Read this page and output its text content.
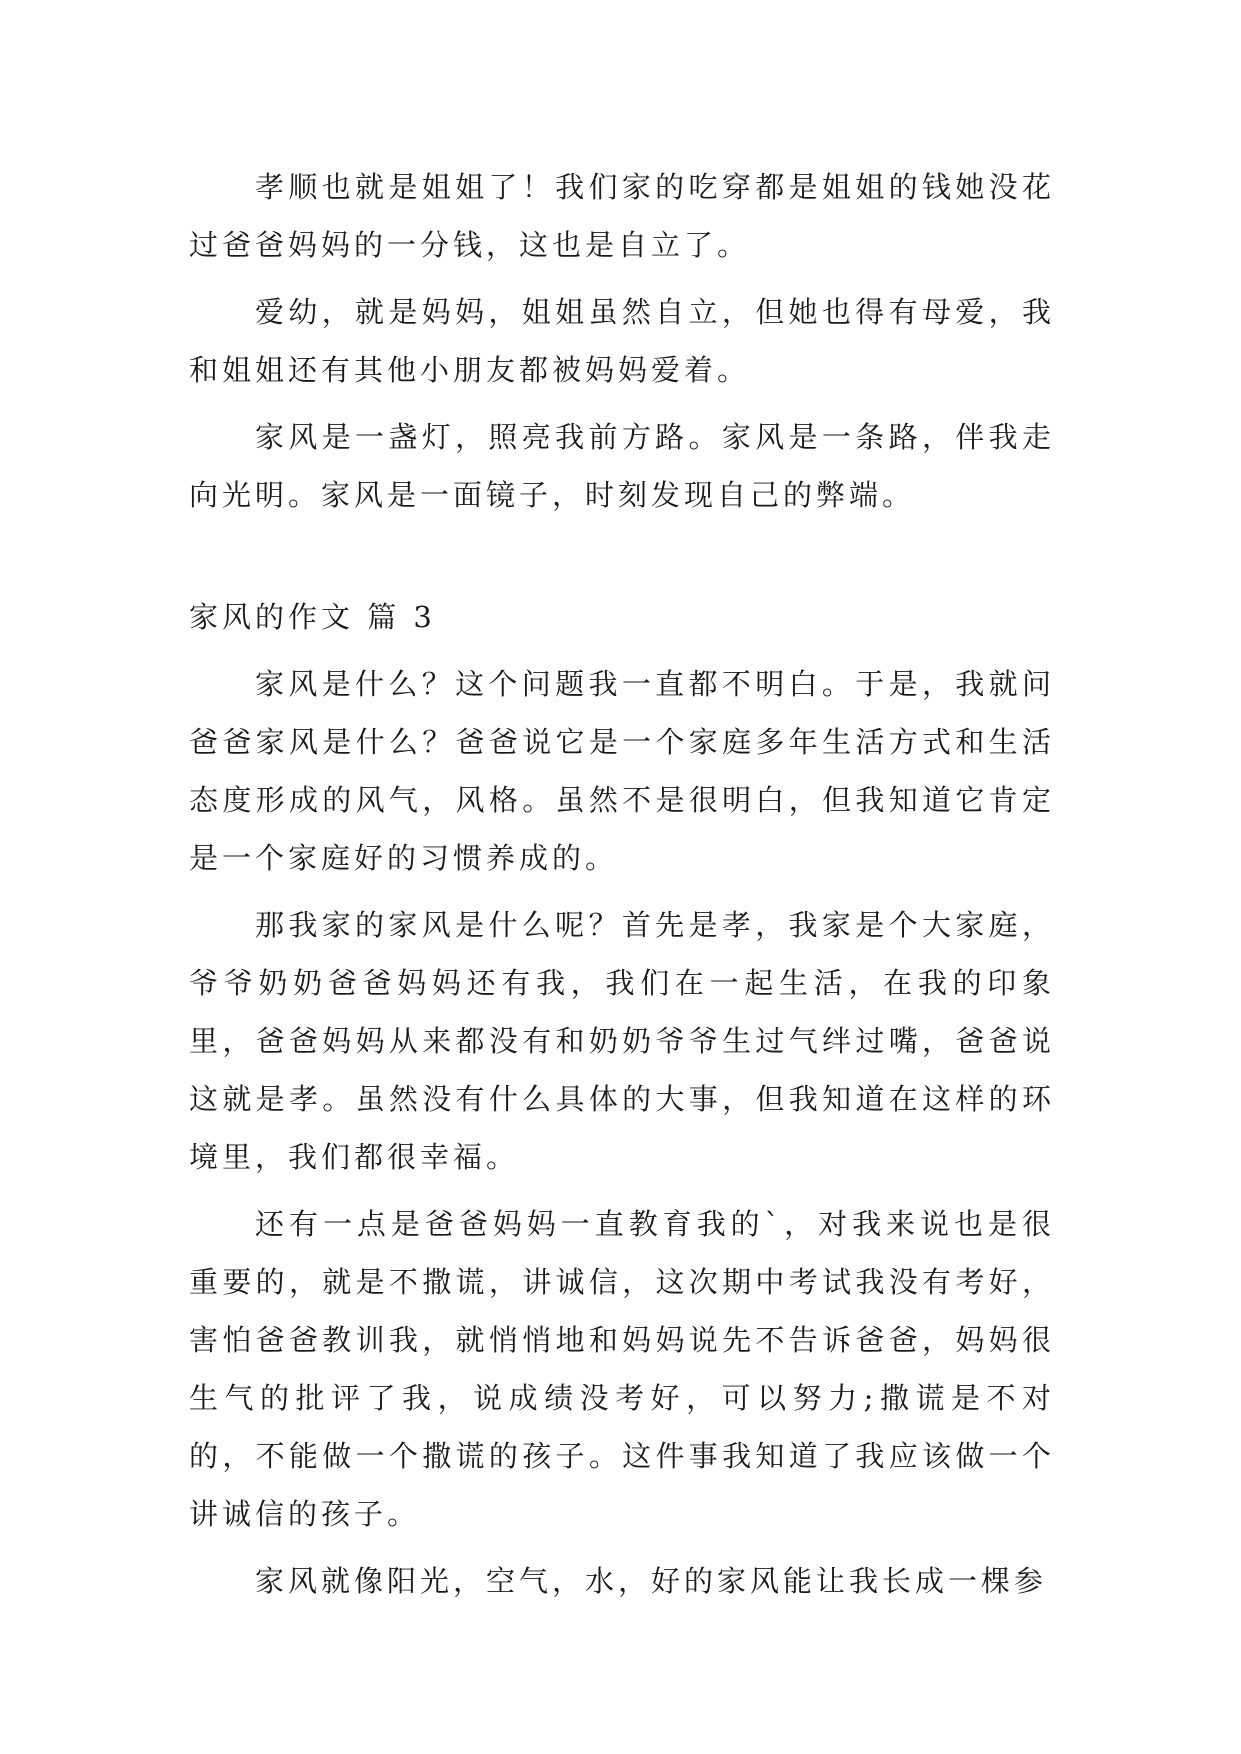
孝顺也就是姐姐了！我们家的吃穿都是姐姐的钱她没花过爸爸妈妈的一分钱，这也是自立了。

爱幼，就是妈妈，姐姐虽然自立，但她也得有母爱，我和姐姐还有其他小朋友都被妈妈爱着。

家风是一盏灯，照亮我前方路。家风是一条路，伴我走向光明。家风是一面镜子，时刻发现自己的弊端。

家风的作文 篇 3

家风是什么？这个问题我一直都不明白。于是，我就问爸爸家风是什么？爸爸说它是一个家庭多年生活方式和生活态度形成的风气，风格。虽然不是很明白，但我知道它肯定是一个家庭好的习惯养成的。

那我家的家风是什么呢？首先是孝，我家是个大家庭，爷爷奶奶爸爸妈妈还有我，我们在一起生活，在我的印象里，爸爸妈妈从来都没有和奶奶爷爷生过气绊过嘴，爸爸说这就是孝。虽然没有什么具体的大事，但我知道在这样的环境里，我们都很幸福。

还有一点是爸爸妈妈一直教育我的`，对我来说也是很重要的，就是不撒谎，讲诚信，这次期中考试我没有考好，害怕爸爸教训我，就悄悄地和妈妈说先不告诉爸爸，妈妈很生气的批评了我，说成绩没考好，可以努力;撒谎是不对的，不能做一个撒谎的孩子。这件事我知道了我应该做一个讲诚信的孩子。

家风就像阳光，空气，水，好的家风能让我长成一棵参
